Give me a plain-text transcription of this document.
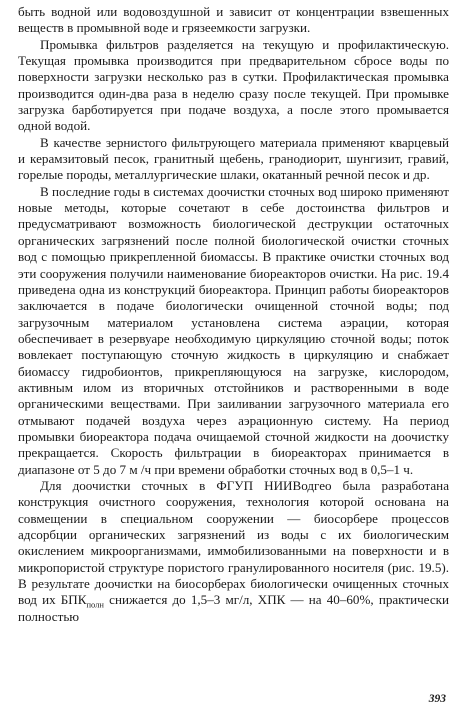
быть водной или водовоздушной и зависит от концентрации взвешенных веществ в промывной воде и грязеемкости загрузки.

Промывка фильтров разделяется на текущую и профилактическую. Текущая промывка производится при предварительном сбросе воды по поверхности загрузки несколько раз в сутки. Профилактическая промывка производится один-два раза в неделю сразу после текущей. При промывке загрузка барботируется при подаче воздуха, а после этого промывается одной водой.

В качестве зернистого фильтрующего материала применяют кварцевый и керамзитовый песок, гранитный щебень, гранодиорит, шунгизит, гравий, горелые породы, металлургические шлаки, окатанный речной песок и др.

В последние годы в системах доочистки сточных вод широко применяют новые методы, которые сочетают в себе достоинства фильтров и предусматривают возможность биологической деструкции остаточных органических загрязнений после полной биологической очистки сточных вод с помощью прикрепленной биомассы. В практике очистки сточных вод эти сооружения получили наименование биореакторов очистки. На рис. 19.4 приведена одна из конструкций биореактора. Принцип работы биореакторов заключается в подаче биологически очищенной сточной воды; под загрузочным материалом установлена система аэрации, которая обеспечивает в резервуаре необходимую циркуляцию сточной воды; поток вовлекает поступающую сточную жидкость в циркуляцию и снабжает биомассу гидробионтов, прикрепляющуюся на загрузке, кислородом, активным илом из вторичных отстойников и растворенными в воде органическими веществами. При заиливании загрузочного материала его отмывают подачей воздуха через аэрационную систему. На период промывки биореактора подача очищаемой сточной жидкости на доочистку прекращается. Скорость фильтрации в биореакторах принимается в диапазоне от 5 до 7 м /ч при времени обработки сточных вод в 0,5–1 ч.

Для доочистки сточных в ФГУП НИИВодгео была разработана конструкция очистного сооружения, технология которой основана на совмещении в специальном сооружении — биосорбере процессов адсорбции органических загрязнений из воды с их биологическим окислением микроорганизмами, иммобилизованными на поверхности и в микропористой структуре пористого гранулированного носителя (рис. 19.5). В результате доочистки на биосорберах биологически очищенных сточных вод их $БПК_{полн}$ снижается до 1,5–3 мг/л, ХПК — на 40–60%, практически полностью

393
